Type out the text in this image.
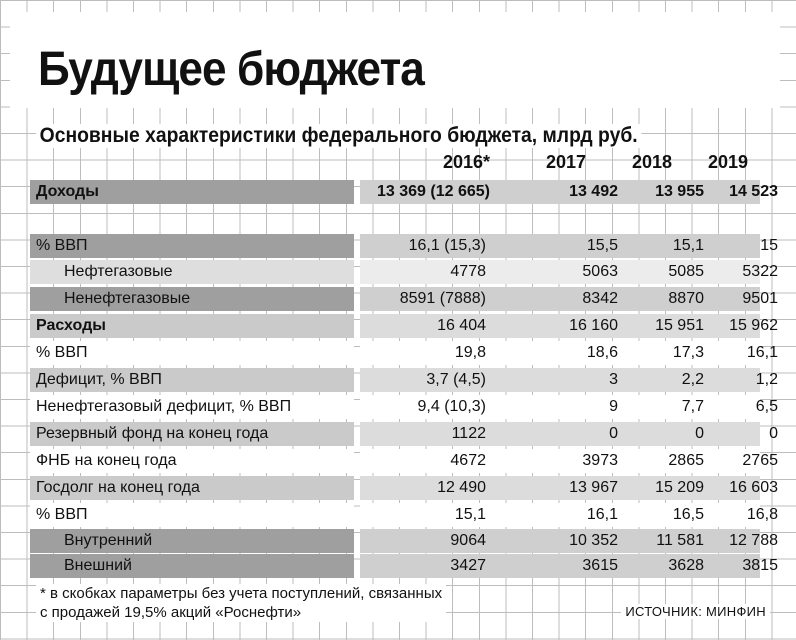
Будущее бюджета
Основные характеристики федерального бюджета, млрд руб.
2016*	2017	2018	2019
Доходы	13 369 (12 665)	13 492	13 955	14 523
% ВВП	16,1 (15,3)	15,5	15,1	15
Нефтегазовые	4778	5063	5085	5322
Ненефтегазовые	8591 (7888)	8342	8870	9501
Расходы	16 404	16 160	15 951	15 962
% ВВП	19,8	18,6	17,3	16,1
Дефицит, % ВВП	3,7 (4,5)	3	2,2	1,2
Ненефтегазовый дефицит, % ВВП	9,4 (10,3)	9	7,7	6,5
Резервный фонд на конец года	1122	0	0	0
ФНБ на конец года	4672	3973	2865	2765
Госдолг на конец года	12 490	13 967	15 209	16 603
% ВВП	15,1	16,1	16,5	16,8
Внутренний	9064	10 352	11 581	12 788
Внешний	3427	3615	3628	3815
* в скобках параметры без учета поступлений, связанных
с продажей 19,5% акций «Роснефти»	ИСТОЧНИК: МИНФИН
